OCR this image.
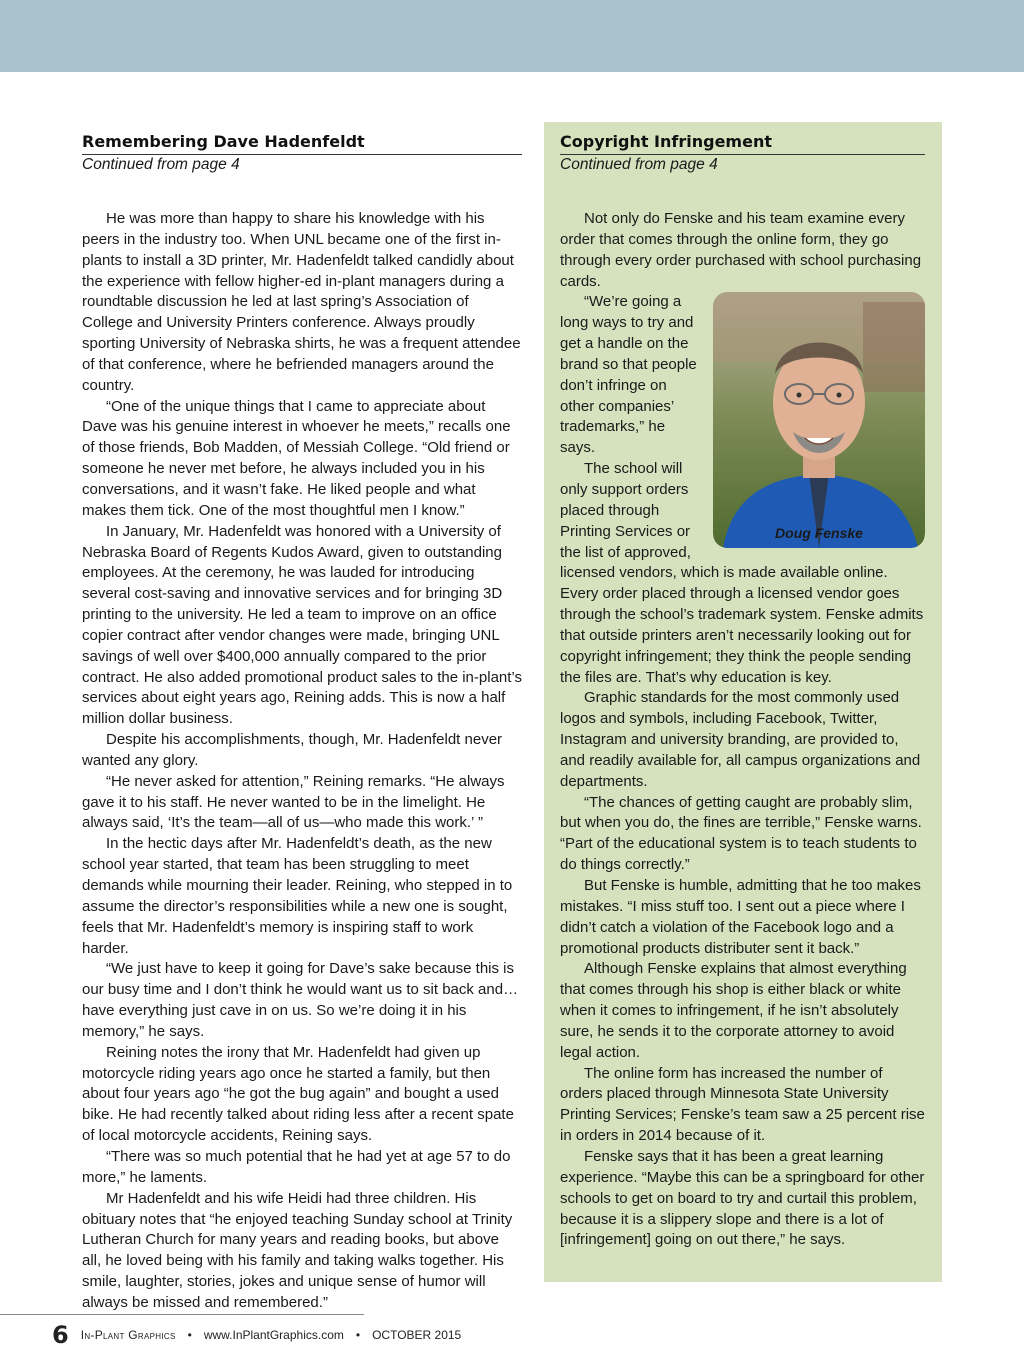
Remembering Dave Hadenfeldt
Continued from page 4

He was more than happy to share his knowledge with his peers in the industry too. When UNL became one of the first in-plants to install a 3D printer, Mr. Hadenfeldt talked candidly about the experience with fellow higher-ed in-plant managers during a roundtable discussion he led at last spring’s Association of College and University Printers conference. Always proudly sporting University of Nebraska shirts, he was a frequent attendee of that conference, where he befriended managers around the country.

“One of the unique things that I came to appreciate about Dave was his genuine interest in whoever he meets,” recalls one of those friends, Bob Madden, of Messiah College. “Old friend or someone he never met before, he always included you in his conversations, and it wasn’t fake. He liked people and what makes them tick. One of the most thoughtful men I know.”

In January, Mr. Hadenfeldt was honored with a University of Nebraska Board of Regents Kudos Award, given to outstanding employees. At the ceremony, he was lauded for introducing several cost-saving and innovative services and for bringing 3D printing to the university. He led a team to improve on an office copier contract after vendor changes were made, bringing UNL savings of well over $400,000 annually compared to the prior contract. He also added promotional product sales to the in-plant’s services about eight years ago, Reining adds. This is now a half million dollar business.

Despite his accomplishments, though, Mr. Hadenfeldt never wanted any glory.

“He never asked for attention,” Reining remarks. “He always gave it to his staff. He never wanted to be in the limelight. He always said, ‘It’s the team—all of us—who made this work.’ ”

In the hectic days after Mr. Hadenfeldt’s death, as the new school year started, that team has been struggling to meet demands while mourning their leader. Reining, who stepped in to assume the director’s responsibilities while a new one is sought, feels that Mr. Hadenfeldt’s memory is inspiring staff to work harder.

“We just have to keep it going for Dave’s sake because this is our busy time and I don’t think he would want us to sit back and…have everything just cave in on us. So we’re doing it in his memory,” he says.

Reining notes the irony that Mr. Hadenfeldt had given up motorcycle riding years ago once he started a family, but then about four years ago “he got the bug again” and bought a used bike. He had recently talked about riding less after a recent spate of local motorcycle accidents, Reining says.

“There was so much potential that he had yet at age 57 to do more,” he laments.

Mr Hadenfeldt and his wife Heidi had three children. His obituary notes that “he enjoyed teaching Sunday school at Trinity Lutheran Church for many years and reading books, but above all, he loved being with his family and taking walks together. His smile, laughter, stories, jokes and unique sense of humor will always be missed and remembered.”

Copyright Infringement
Continued from page 4

Not only do Fenske and his team examine every order that comes through the online form, they go through every order purchased with school purchasing cards.

Doug Fenske

“We’re going a long ways to try and get a handle on the brand so that people don’t infringe on other companies’ trademarks,” he says.

The school will only support orders placed through Printing Services or the list of approved, licensed vendors, which is made available online. Every order placed through a licensed vendor goes through the school’s trademark system. Fenske admits that outside printers aren’t necessarily looking out for copyright infringement; they think the people sending the files are. That’s why education is key.

Graphic standards for the most commonly used logos and symbols, including Facebook, Twitter, Instagram and university branding, are provided to, and readily available for, all campus organizations and departments.

“The chances of getting caught are probably slim, but when you do, the fines are terrible,” Fenske warns. “Part of the educational system is to teach students to do things correctly.”

But Fenske is humble, admitting that he too makes mistakes. “I miss stuff too. I sent out a piece where I didn’t catch a violation of the Facebook logo and a promotional products distributer sent it back.”

Although Fenske explains that almost everything that comes through his shop is either black or white when it comes to infringement, if he isn’t absolutely sure, he sends it to the corporate attorney to avoid legal action.

The online form has increased the number of orders placed through Minnesota State University Printing Services; Fenske’s team saw a 25 percent rise in orders in 2014 because of it.

Fenske says that it has been a great learning experience. “Maybe this can be a springboard for other schools to get on board to try and curtail this problem, because it is a slippery slope and there is a lot of [infringement] going on out there,” he says.

6 In-Plant Graphics • www.InPlantGraphics.com • OCTOBER 2015
